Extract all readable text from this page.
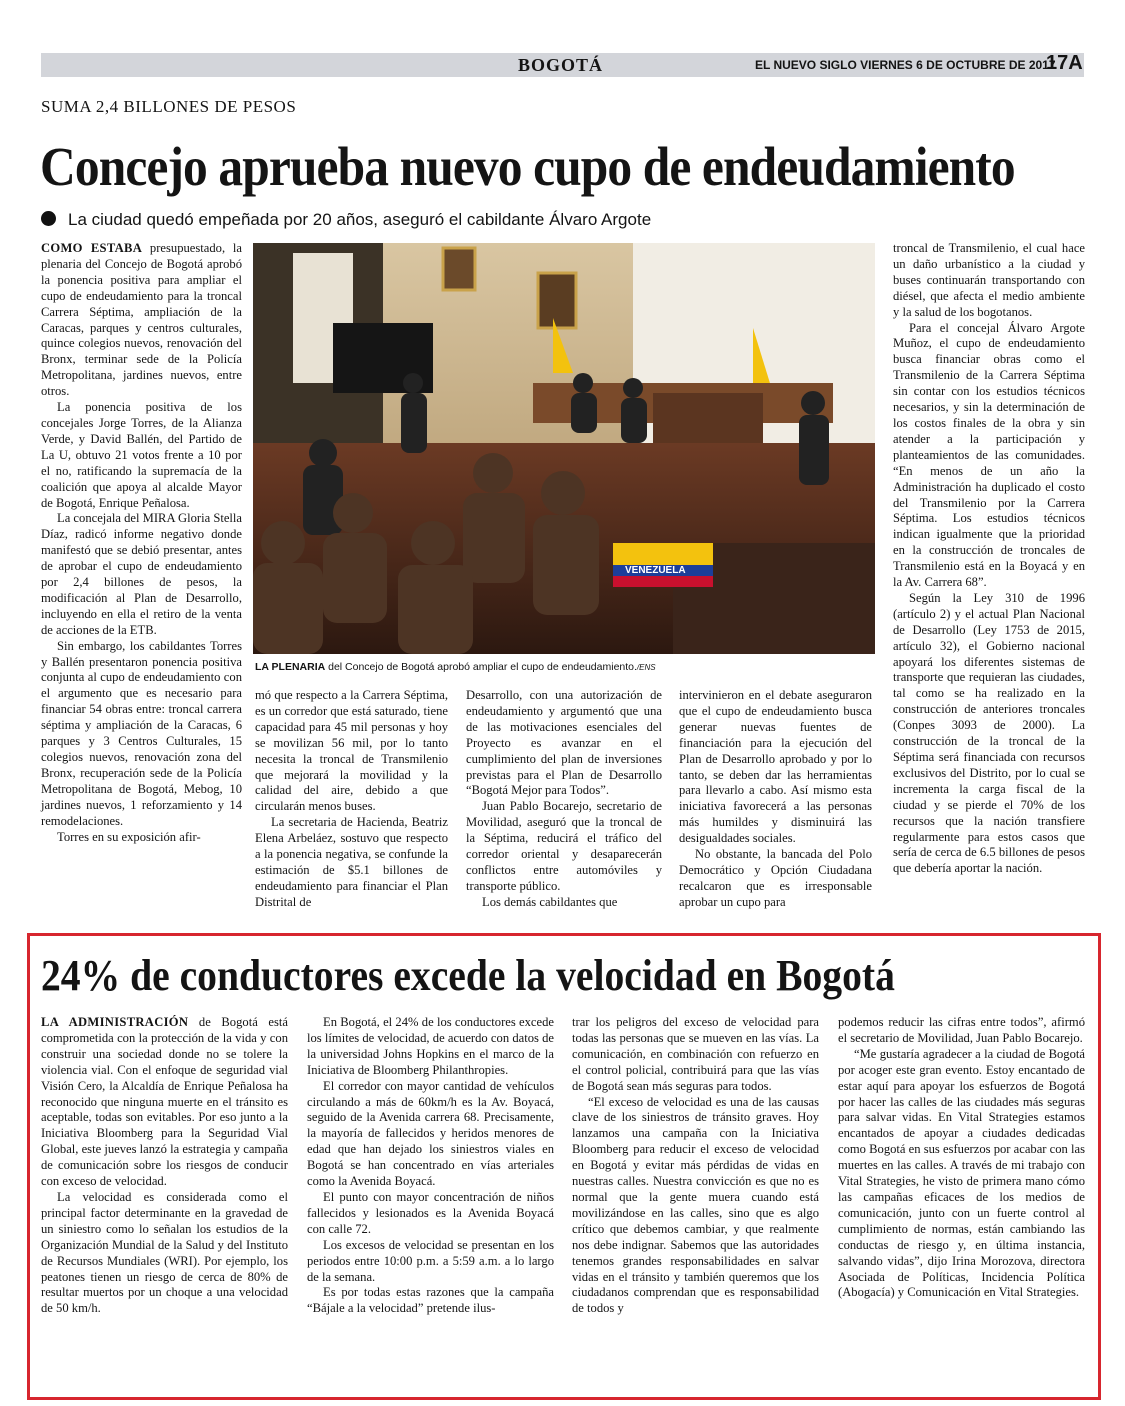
BOGOTÁ	EL NUEVO SIGLO VIERNES 6 DE OCTUBRE DE 2017
17A
SUMA 2,4 BILLONES DE PESOS
Concejo aprueba nuevo cupo de endeudamiento
La ciudad quedó empeñada por 20 años, aseguró el cabildante Álvaro Argote

COMO ESTABA presupuestado, la plenaria del Concejo de Bogotá aprobó la ponencia positiva para ampliar el cupo de endeudamiento para la troncal Carrera Séptima, ampliación de la Caracas, parques y centros culturales, quince colegios nuevos, renovación del Bronx, terminar sede de la Policía Metropolitana, jardines nuevos, entre otros.

La ponencia positiva de los concejales Jorge Torres, de la Alianza Verde, y David Ballén, del Partido de La U, obtuvo 21 votos frente a 10 por el no, ratificando la supremacía de la coalición que apoya al alcalde Mayor de Bogotá, Enrique Peñalosa.

La concejala del MIRA Gloria Stella Díaz, radicó informe negativo donde manifestó que se debió presentar, antes de aprobar el cupo de endeudamiento por 2,4 billones de pesos, la modificación al Plan de Desarrollo, incluyendo en ella el retiro de la venta de acciones de la ETB.

Sin embargo, los cabildantes Torres y Ballén presentaron ponencia positiva conjunta al cupo de endeudamiento con el argumento que es necesario para financiar 54 obras entre: troncal carrera séptima y ampliación de la Caracas, 6 parques y 3 Centros Culturales, 15 colegios nuevos, renovación zona del Bronx, recuperación sede de la Policía Metropolitana de Bogotá, Mebog, 10 jardines nuevos, 1 reforzamiento y 14 remodelaciones.

Torres en su exposición afir-

VENEZUELA
LA PLENARIA del Concejo de Bogotá aprobó ampliar el cupo de endeudamiento./ENS

mó que respecto a la Carrera Séptima, es un corredor que está saturado, tiene capacidad para 45 mil personas y hoy se movilizan 56 mil, por lo tanto necesita la troncal de Transmilenio que mejorará la movilidad y la calidad del aire, debido a que circularán menos buses.

La secretaria de Hacienda, Beatriz Elena Arbeláez, sostuvo que respecto a la ponencia negativa, se confunde la estimación de $5.1 billones de endeudamiento para financiar el Plan Distrital de

Desarrollo, con una autorización de endeudamiento y argumentó que una de las motivaciones esenciales del Proyecto es avanzar en el cumplimiento del plan de inversiones previstas para el Plan de Desarrollo “Bogotá Mejor para Todos”.

Juan Pablo Bocarejo, secretario de Movilidad, aseguró que la troncal de la Séptima, reducirá el tráfico del corredor oriental y desaparecerán conflictos entre automóviles y transporte público.

Los demás cabildantes que

intervinieron en el debate aseguraron que el cupo de endeudamiento busca generar nuevas fuentes de financiación para la ejecución del Plan de Desarrollo aprobado y por lo tanto, se deben dar las herramientas para llevarlo a cabo. Así mismo esta iniciativa favorecerá a las personas más humildes y disminuirá las desigualdades sociales.

No obstante, la bancada del Polo Democrático y Opción Ciudadana recalcaron que es irresponsable aprobar un cupo para

troncal de Transmilenio, el cual hace un daño urbanístico a la ciudad y buses continuarán transportando con diésel, que afecta el medio ambiente y la salud de los bogotanos.

Para el concejal Álvaro Argote Muñoz, el cupo de endeudamiento busca financiar obras como el Transmilenio de la Carrera Séptima sin contar con los estudios técnicos necesarios, y sin la determinación de los costos finales de la obra y sin atender a la participación y planteamientos de las comunidades. “En menos de un año la Administración ha duplicado el costo del Transmilenio por la Carrera Séptima. Los estudios técnicos indican igualmente que la prioridad en la construcción de troncales de Transmilenio está en la Boyacá y en la Av. Carrera 68”.

Según la Ley 310 de 1996 (artículo 2) y el actual Plan Nacional de Desarrollo (Ley 1753 de 2015, artículo 32), el Gobierno nacional apoyará los diferentes sistemas de transporte que requieran las ciudades, tal como se ha realizado en la construcción de anteriores troncales (Conpes 3093 de 2000). La construcción de la troncal de la Séptima será financiada con recursos exclusivos del Distrito, por lo cual se incrementa la carga fiscal de la ciudad y se pierde el 70% de los recursos que la nación transfiere regularmente para estos casos que sería de cerca de 6.5 billones de pesos que debería aportar la nación.

24% de conductores excede la velocidad en Bogotá

LA ADMINISTRACIÓN de Bogotá está comprometida con la protección de la vida y con construir una sociedad donde no se tolere la violencia vial. Con el enfoque de seguridad vial Visión Cero, la Alcaldía de Enrique Peñalosa ha reconocido que ninguna muerte en el tránsito es aceptable, todas son evitables. Por eso junto a la Iniciativa Bloomberg para la Seguridad Vial Global, este jueves lanzó la estrategia y campaña de comunicación sobre los riesgos de conducir con exceso de velocidad.

La velocidad es considerada como el principal factor determinante en la gravedad de un siniestro como lo señalan los estudios de la Organización Mundial de la Salud y del Instituto de Recursos Mundiales (WRI). Por ejemplo, los peatones tienen un riesgo de cerca de 80% de resultar muertos por un choque a una velocidad de 50 km/h.

En Bogotá, el 24% de los conductores excede los límites de velocidad, de acuerdo con datos de la universidad Johns Hopkins en el marco de la Iniciativa de Bloomberg Philanthropies.

El corredor con mayor cantidad de vehículos circulando a más de 60km/h es la Av. Boyacá, seguido de la Avenida carrera 68. Precisamente, la mayoría de fallecidos y heridos menores de edad que han dejado los siniestros viales en Bogotá se han concentrado en vías arteriales como la Avenida Boyacá.

El punto con mayor concentración de niños fallecidos y lesionados es la Avenida Boyacá con calle 72.

Los excesos de velocidad se presentan en los periodos entre 10:00 p.m. a 5:59 a.m. a lo largo de la semana.

Es por todas estas razones que la campaña “Bájale a la velocidad” pretende ilus-

trar los peligros del exceso de velocidad para todas las personas que se mueven en las vías. La comunicación, en combinación con refuerzo en el control policial, contribuirá para que las vías de Bogotá sean más seguras para todos.

“El exceso de velocidad es una de las causas clave de los siniestros de tránsito graves. Hoy lanzamos una campaña con la Iniciativa Bloomberg para reducir el exceso de velocidad en Bogotá y evitar más pérdidas de vidas en nuestras calles. Nuestra convicción es que no es normal que la gente muera cuando está movilizándose en las calles, sino que es algo crítico que debemos cambiar, y que realmente nos debe indignar. Sabemos que las autoridades tenemos grandes responsabilidades en salvar vidas en el tránsito y también queremos que los ciudadanos comprendan que es responsabilidad de todos y

podemos reducir las cifras entre todos”, afirmó el secretario de Movilidad, Juan Pablo Bocarejo.

“Me gustaría agradecer a la ciudad de Bogotá por acoger este gran evento. Estoy encantado de estar aquí para apoyar los esfuerzos de Bogotá por hacer las calles de las ciudades más seguras para salvar vidas. En Vital Strategies estamos encantados de apoyar a ciudades dedicadas como Bogotá en sus esfuerzos por acabar con las muertes en las calles. A través de mi trabajo con Vital Strategies, he visto de primera mano cómo las campañas eficaces de los medios de comunicación, junto con un fuerte control al cumplimiento de normas, están cambiando las conductas de riesgo y, en última instancia, salvando vidas”, dijo Irina Morozova, directora Asociada de Políticas, Incidencia Política (Abogacía) y Comunicación en Vital Strategies.
